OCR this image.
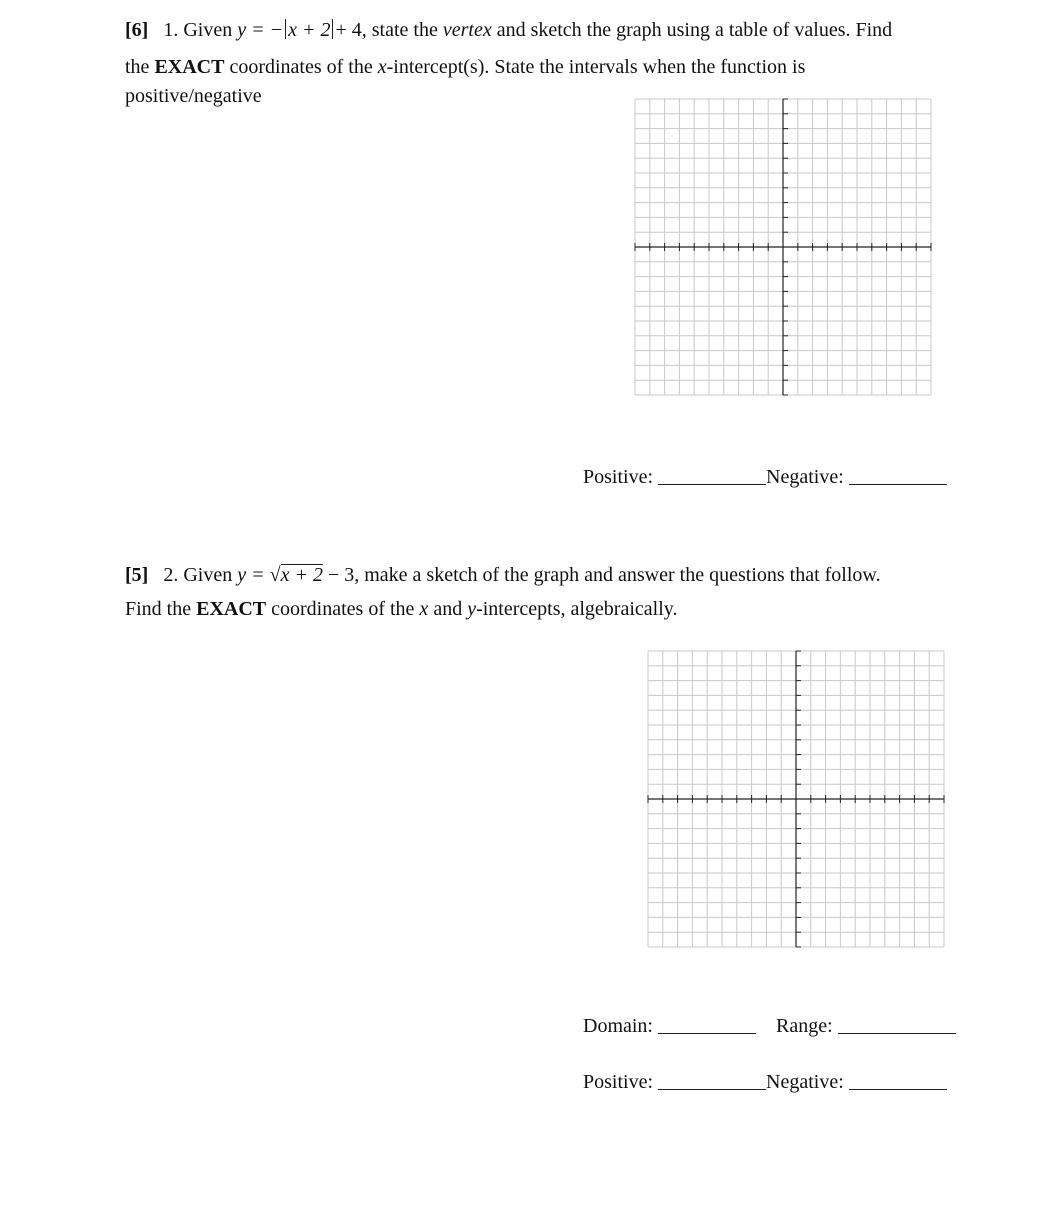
[6] 1. Given y = − x + 2 + 4, state the vertex and sketch the graph using a table of values. Find
the EXACT coordinates of the x-intercept(s). State the intervals when the function is
positive/negative
Positive:	Negative:
[5] 2. Given y = √x + 2 − 3, make a sketch of the graph and answer the questions that follow.
Find the EXACT coordinates of the x and y-intercepts, algebraically.
Domain:	Range:
Positive:	Negative:
